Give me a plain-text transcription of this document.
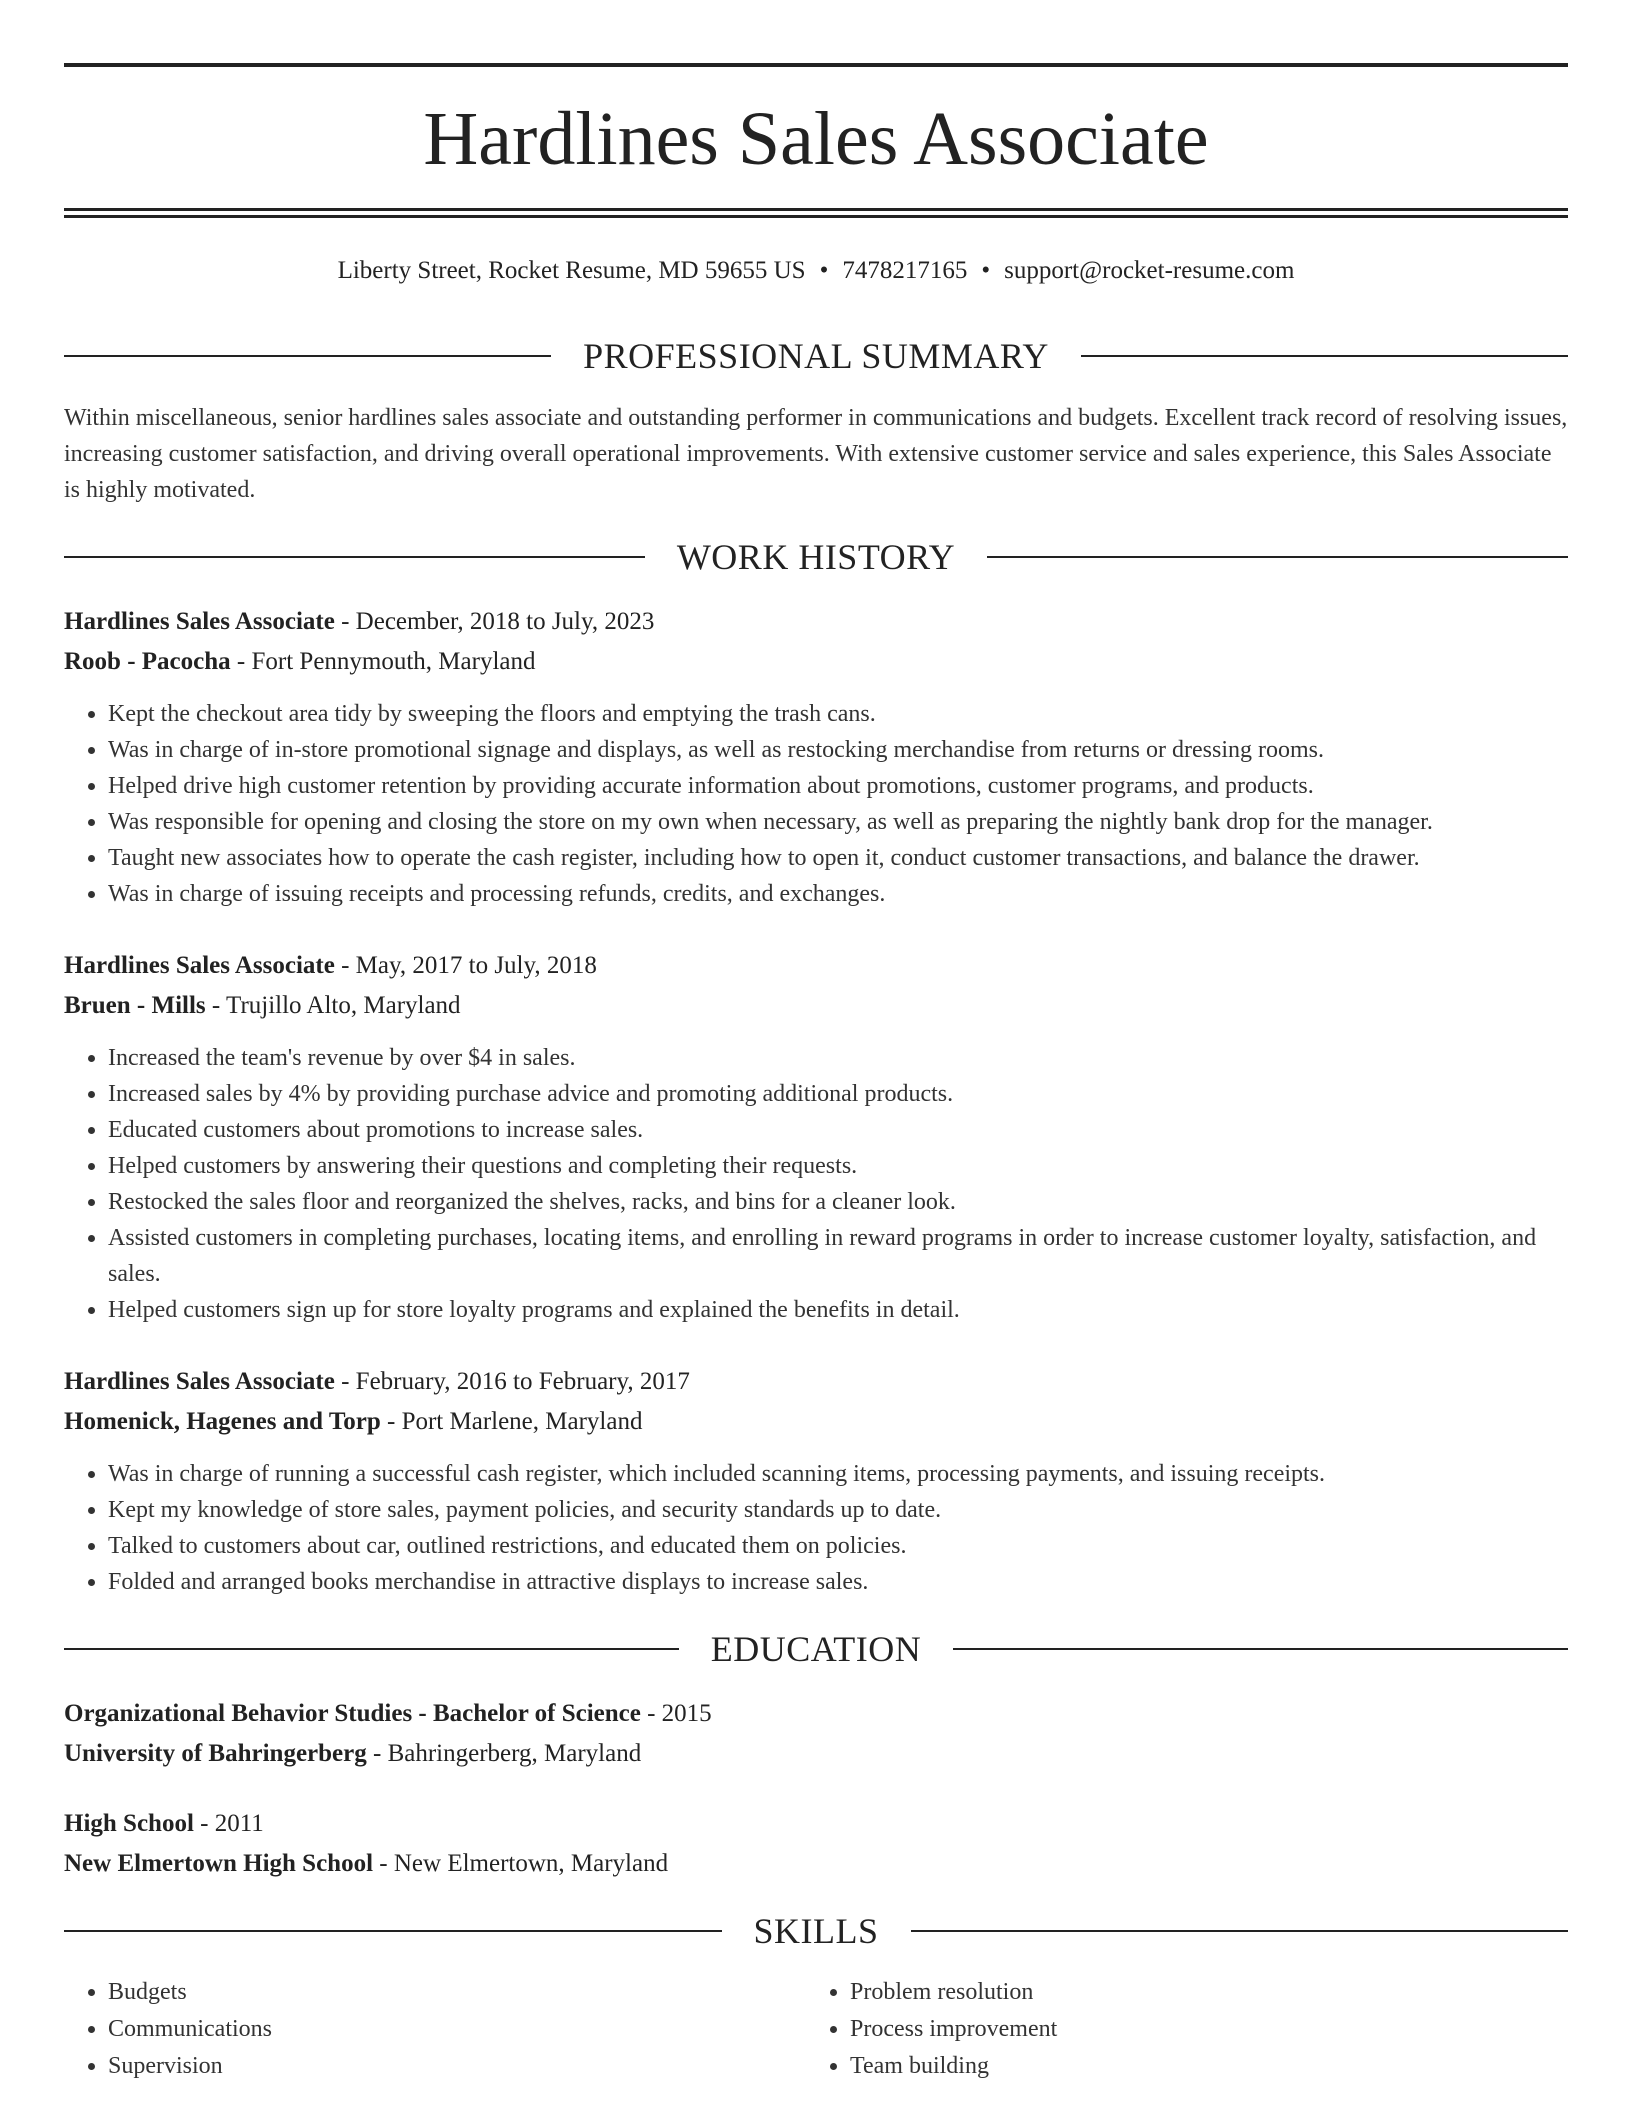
Hardlines Sales Associate
Liberty Street, Rocket Resume, MD 59655 US • 7478217165 • support@rocket-resume.com
PROFESSIONAL SUMMARY

Within miscellaneous, senior hardlines sales associate and outstanding performer in communications and budgets. Excellent track record of resolving issues, increasing customer satisfaction, and driving overall operational improvements. With extensive customer service and sales experience, this Sales Associate is highly motivated.

WORK HISTORY
Hardlines Sales Associate - December, 2018 to July, 2023
Roob - Pacocha - Fort Pennymouth, Maryland
• Kept the checkout area tidy by sweeping the floors and emptying the trash cans.
• Was in charge of in-store promotional signage and displays, as well as restocking merchandise from returns or dressing rooms.
• Helped drive high customer retention by providing accurate information about promotions, customer programs, and products.
• Was responsible for opening and closing the store on my own when necessary, as well as preparing the nightly bank drop for the manager.
• Taught new associates how to operate the cash register, including how to open it, conduct customer transactions, and balance the drawer.
• Was in charge of issuing receipts and processing refunds, credits, and exchanges.
Hardlines Sales Associate - May, 2017 to July, 2018
Bruen - Mills - Trujillo Alto, Maryland
• Increased the team's revenue by over $4 in sales.
• Increased sales by 4% by providing purchase advice and promoting additional products.
• Educated customers about promotions to increase sales.
• Helped customers by answering their questions and completing their requests.
• Restocked the sales floor and reorganized the shelves, racks, and bins for a cleaner look.
• Assisted customers in completing purchases, locating items, and enrolling in reward programs in order to increase customer loyalty, satisfaction, and sales.
• Helped customers sign up for store loyalty programs and explained the benefits in detail.
Hardlines Sales Associate - February, 2016 to February, 2017
Homenick, Hagenes and Torp - Port Marlene, Maryland
• Was in charge of running a successful cash register, which included scanning items, processing payments, and issuing receipts.
• Kept my knowledge of store sales, payment policies, and security standards up to date.
• Talked to customers about car, outlined restrictions, and educated them on policies.
• Folded and arranged books merchandise in attractive displays to increase sales.
EDUCATION
Organizational Behavior Studies - Bachelor of Science - 2015
University of Bahringerberg - Bahringerberg, Maryland
High School - 2011
New Elmertown High School - New Elmertown, Maryland
SKILLS
• Budgets
• Communications
• Supervision
• Problem resolution
• Process improvement
• Team building
